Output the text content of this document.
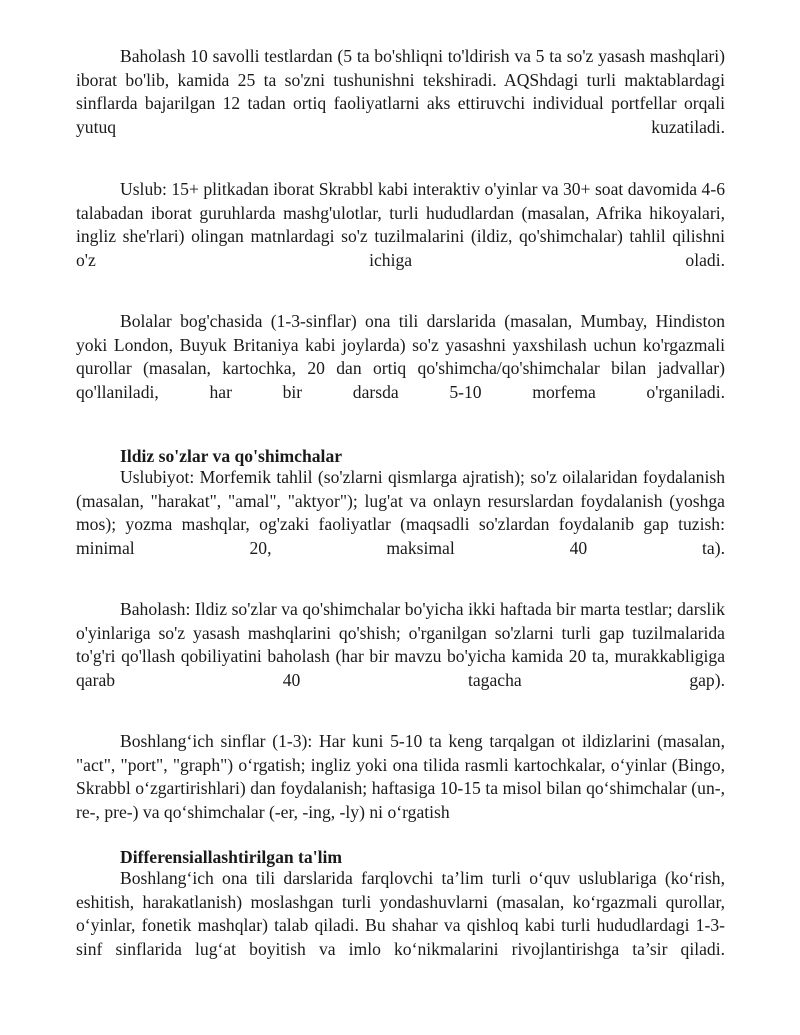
Baholash 10 savolli testlardan (5 ta bo'shliqni to'ldirish va 5 ta so'z yasash mashqlari) iborat bo'lib, kamida 25 ta so'zni tushunishni tekshiradi. AQShdagi turli maktablardagi sinflarda bajarilgan 12 tadan ortiq faoliyatlarni aks ettiruvchi individual portfellar orqali yutuq kuzatiladi.

Uslub: 15+ plitkadan iborat Skrabbl kabi interaktiv o'yinlar va 30+ soat davomida 4-6 talabadan iborat guruhlarda mashg'ulotlar, turli hududlardan (masalan, Afrika hikoyalari, ingliz she'rlari) olingan matnlardagi so'z tuzilmalarini (ildiz, qo'shimchalar) tahlil qilishni o'z ichiga oladi.

Bolalar bog'chasida (1-3-sinflar) ona tili darslarida (masalan, Mumbay, Hindiston yoki London, Buyuk Britaniya kabi joylarda) so'z yasashni yaxshilash uchun ko'rgazmali qurollar (masalan, kartochka, 20 dan ortiq qo'shimcha/qo'shimchalar bilan jadvallar) qo'llaniladi, har bir darsda 5-10 morfema o'rganiladi.

Ildiz so'zlar va qo'shimchalar

Uslubiyot: Morfemik tahlil (so'zlarni qismlarga ajratish); so'z oilalaridan foydalanish (masalan, "harakat", "amal", "aktyor"); lug'at va onlayn resurslardan foydalanish (yoshga mos); yozma mashqlar, og'zaki faoliyatlar (maqsadli so'zlardan foydalanib gap tuzish: minimal 20, maksimal 40 ta).

Baholash: Ildiz so'zlar va qo'shimchalar bo'yicha ikki haftada bir marta testlar; darslik o'yinlariga so'z yasash mashqlarini qo'shish; o'rganilgan so'zlarni turli gap tuzilmalarida to'g'ri qo'llash qobiliyatini baholash (har bir mavzu bo'yicha kamida 20 ta, murakkabligiga qarab 40 tagacha gap).

Boshlang‘ich sinflar (1-3): Har kuni 5-10 ta keng tarqalgan ot ildizlarini (masalan, "act", "port", "graph") o‘rgatish; ingliz yoki ona tilida rasmli kartochkalar, o‘yinlar (Bingo, Skrabbl o‘zgartirishlari) dan foydalanish; haftasiga 10-15 ta misol bilan qo‘shimchalar (un-, re-, pre-) va qo‘shimchalar (-er, -ing, -ly) ni o‘rgatish

Differensiallashtirilgan ta'lim

Boshlang‘ich ona tili darslarida farqlovchi ta’lim turli o‘quv uslublariga (ko‘rish, eshitish, harakatlanish) moslashgan turli yondashuvlarni (masalan, ko‘rgazmali qurollar, o‘yinlar, fonetik mashqlar) talab qiladi. Bu shahar va qishloq kabi turli hududlardagi 1-3-sinf sinflarida lug‘at boyitish va imlo ko‘nikmalarini rivojlantirishga ta’sir qiladi.
